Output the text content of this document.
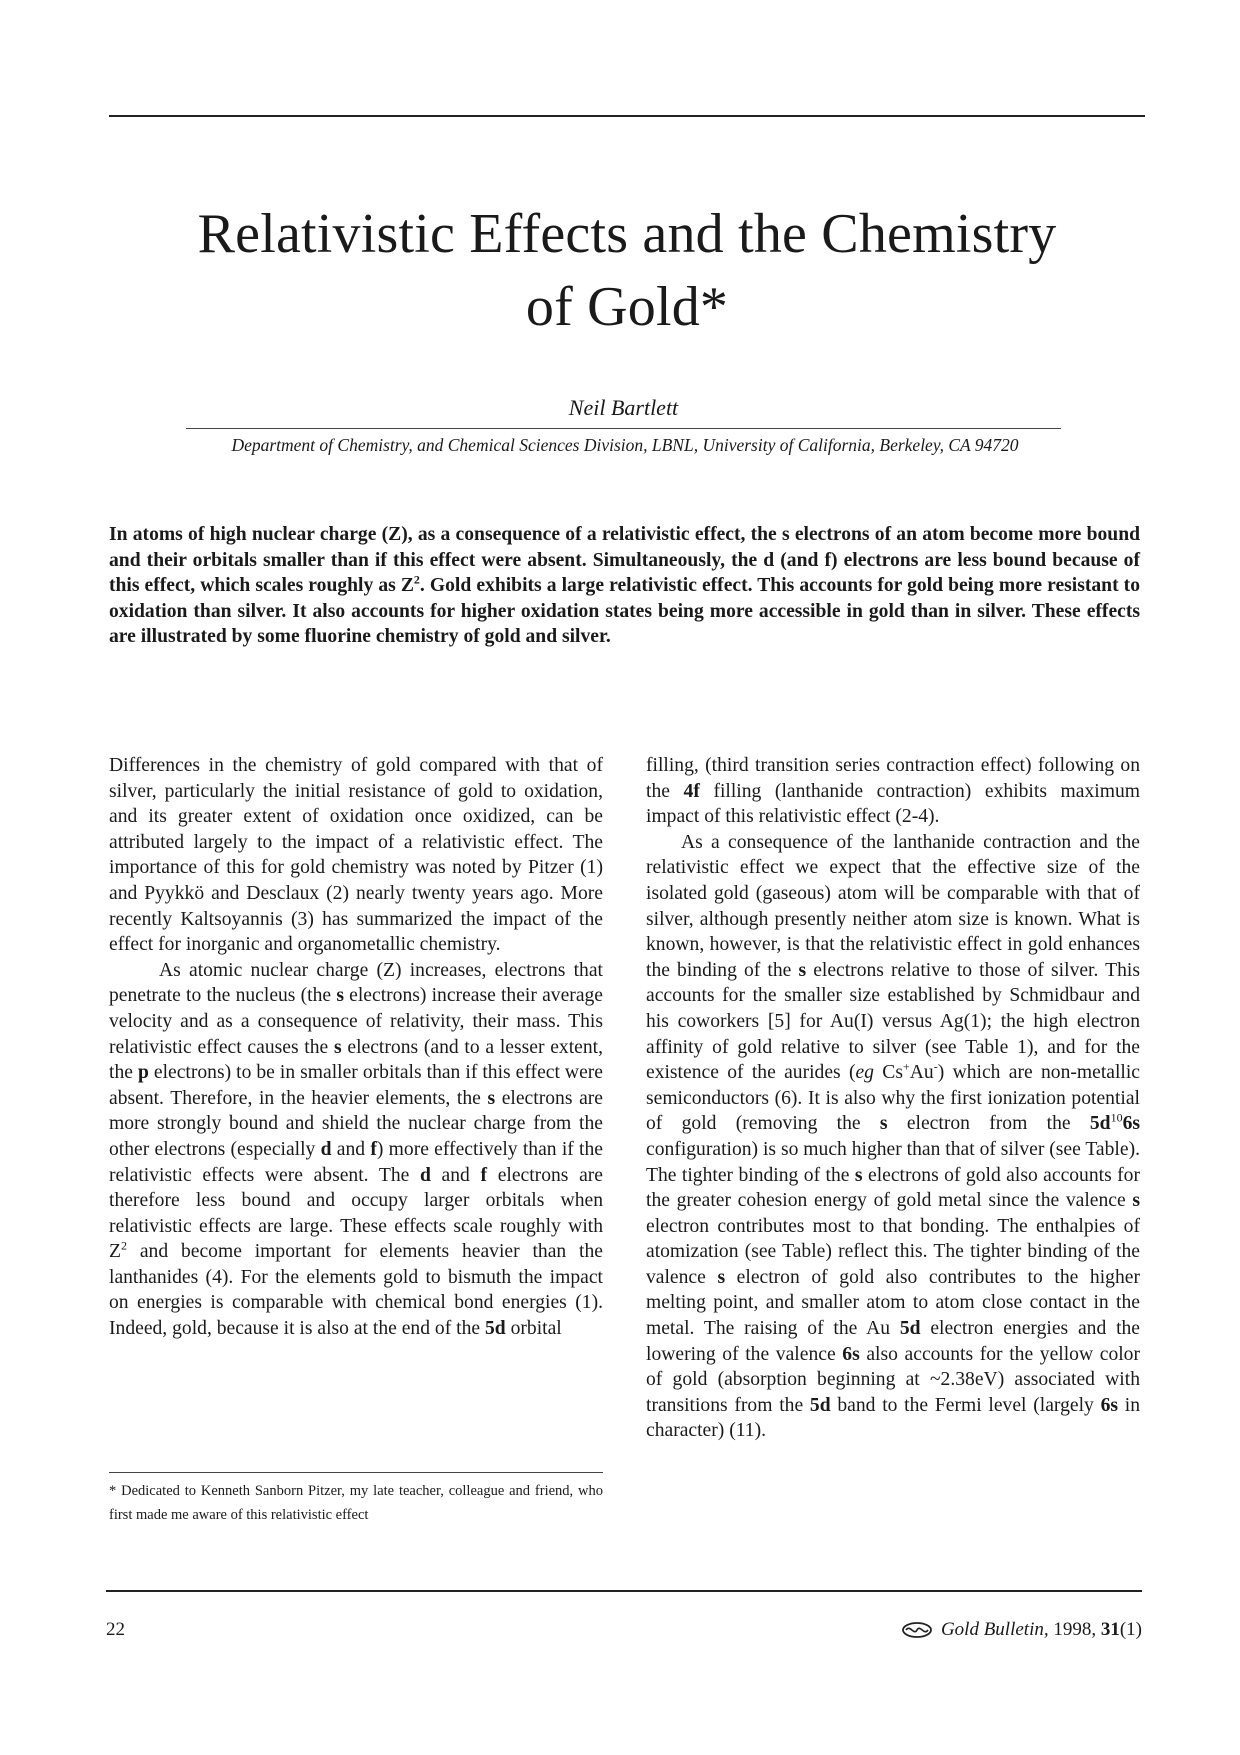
Relativistic Effects and the Chemistry
of Gold*
Neil Bartlett
Department of Chemistry, and Chemical Sciences Division, LBNL, University of California, Berkeley, CA 94720

In atoms of high nuclear charge (Z), as a consequence of a relativistic effect, the s electrons of an atom become more bound and their orbitals smaller than if this effect were absent. Simultaneously, the d (and f) electrons are less bound because of this effect, which scales roughly as $Z^2$. Gold exhibits a large relativistic effect. This accounts for gold being more resistant to oxidation than silver. It also accounts for higher oxidation states being more accessible in gold than in silver. These effects are illustrated by some fluorine chemistry of gold and silver.

Differences in the chemistry of gold compared with that of silver, particularly the initial resistance of gold to oxidation, and its greater extent of oxidation once oxidized, can be attributed largely to the impact of a relativistic effect. The importance of this for gold chemistry was noted by Pitzer (1) and Pyykkö and Desclaux (2) nearly twenty years ago. More recently Kaltsoyannis (3) has summarized the impact of the effect for inorganic and organometallic chemistry.

As atomic nuclear charge (Z) increases, electrons that penetrate to the nucleus (the s electrons) increase their average velocity and as a consequence of relativity, their mass. This relativistic effect causes the s electrons (and to a lesser extent, the p electrons) to be in smaller orbitals than if this effect were absent. Therefore, in the heavier elements, the s electrons are more strongly bound and shield the nuclear charge from the other electrons (especially d and f) more effectively than if the relativistic effects were absent. The d and f electrons are therefore less bound and occupy larger orbitals when relativistic effects are large. These effects scale roughly with $Z^2$ and become important for elements heavier than the lanthanides (4). For the elements gold to bismuth the impact on energies is comparable with chemical bond energies (1). Indeed, gold, because it is also at the end of the 5d orbital

filling, (third transition series contraction effect) following on the 4f filling (lanthanide contraction) exhibits maximum impact of this relativistic effect (2-4).

As a consequence of the lanthanide contraction and the relativistic effect we expect that the effective size of the isolated gold (gaseous) atom will be comparable with that of silver, although presently neither atom size is known. What is known, however, is that the relativistic effect in gold enhances the binding of the s electrons relative to those of silver. This accounts for the smaller size established by Schmidbaur and his coworkers [5] for Au(I) versus Ag(1); the high electron affinity of gold relative to silver (see Table 1), and for the existence of the aurides (eg Cs+Au-) which are non-metallic semiconductors (6). It is also why the first ionization potential of gold (removing the s electron from the $5d^{10}6s$ configuration) is so much higher than that of silver (see Table). The tighter binding of the s electrons of gold also accounts for the greater cohesion energy of gold metal since the valence s electron contributes most to that bonding. The enthalpies of atomization (see Table) reflect this. The tighter binding of the valence s electron of gold also contributes to the higher melting point, and smaller atom to atom close contact in the metal. The raising of the Au 5d electron energies and the lowering of the valence 6s also accounts for the yellow color of gold (absorption beginning at ~2.38eV) associated with transitions from the 5d band to the Fermi level (largely 6s in character) (11).

* Dedicated to Kenneth Sanborn Pitzer, my late teacher, colleague and friend, who first made me aware of this relativistic effect
22	Gold Bulletin, 1998, 31(1)
